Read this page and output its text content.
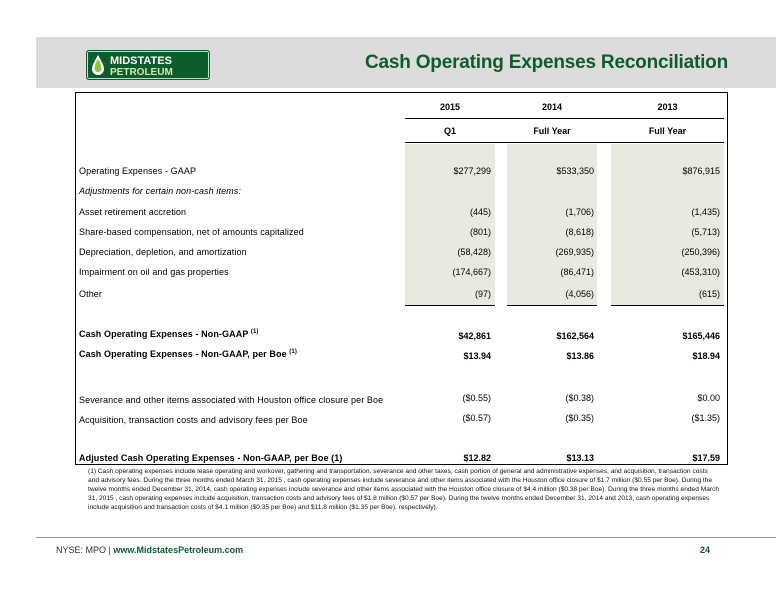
MIDSTATES
PETROLEUM	Cash Operating Expenses Reconciliation
2015	2014	2013
Q1	Full Year	Full Year
Operating Expenses - GAAP	$277,299	$533,350	$876,915
Adjustments for certain non-cash items:
Asset retirement accretion	(445)	(1,706)	(1,435)
Share-based compensation, net of amounts capitalized	(801)	(8,618)	(5,713)
Depreciation, depletion, and amortization	(58,428)	(269,935)	(250,396)
Impairment on oil and gas properties	(174,667)	(86,471)	(453,310)
Other	(97)	(4,056)	(615)
Cash Operating Expenses - Non-GAAP $^{(1)}$	$42,861	$162,564	$165,446
Cash Operating Expenses - Non-GAAP, per Boe $^{(1)}$	$13.94	$13.86	$18.94
Severance and other items associated with Houston office closure per Boe	($0.55)	($0.38)	$0.00
Acquisition, transaction costs and advisory fees per Boe	($0.57)	($0.35)	($1.35)
Adjusted Cash Operating Expenses - Non-GAAP, per Boe (1)	$12.82	$13.13	$17.59
(1) Cash operating expenses include lease operating and workover, gathering and transportation, severance and other taxes, cash portion of general and administrative expenses, and acquisition, transaction costs and advisory fees. During the three months ended March 31, 2015 , cash operating expenses include severance and other items associated with the Houston office closure of $1.7 million ($0.55 per Boe). During the twelve months ended December 31, 2014, cash operating expenses include severance and other items associated with the Houston office closure of $4.4 million ($0.38 per Boe). During the three months ended March 31, 2015 , cash operating expenses include acquisition, transaction costs and advisory fees of $1.8 million ($0.57 per Boe). During the twelve months ended December 31, 2014 and 2013, cash operating expenses include acquisition and transaction costs of $4.1 million ($0.35 per Boe) and $11.8 million ($1.35 per Boe), respectively).
NYSE: MPO | www.MidstatesPetroleum.com	24
